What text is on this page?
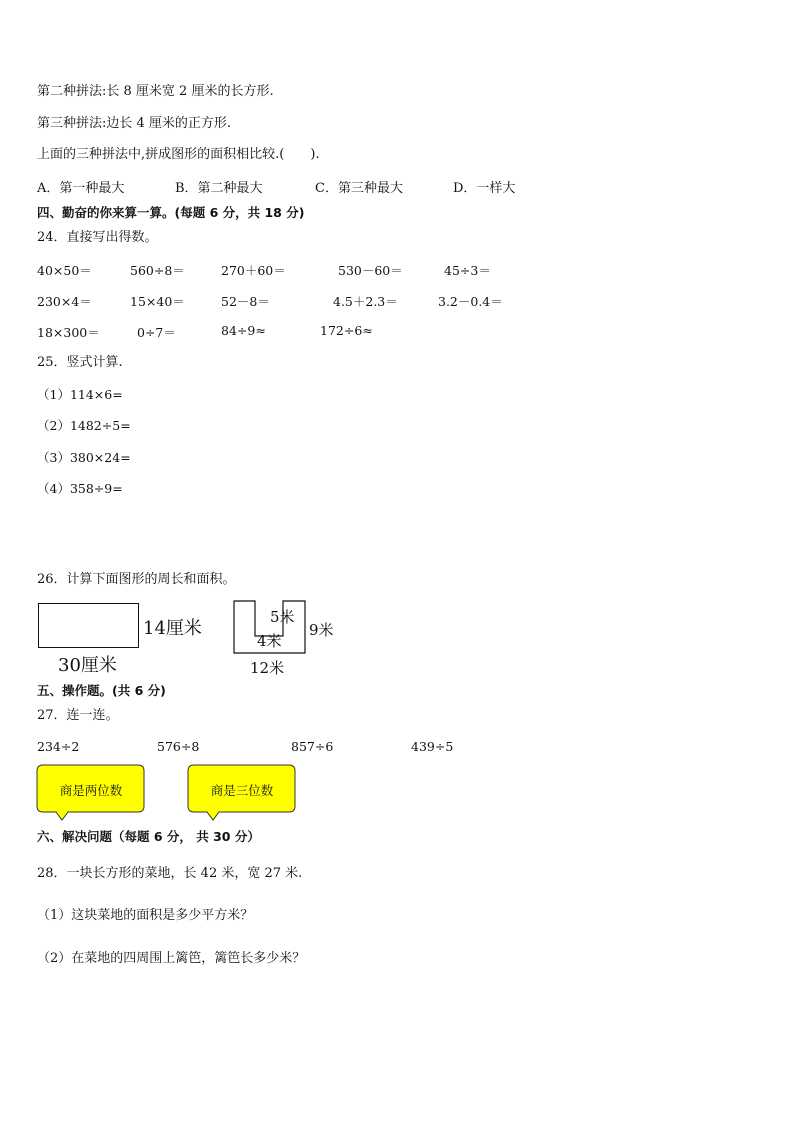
第二种拼法:长 8 厘米宽 2 厘米的长方形.
第三种拼法:边长 4 厘米的正方形.
上面的三种拼法中,拼成图形的面积相比较.(　　).
A．第一种最大	B．第二种最大	C．第三种最大	D．一样大
四、勤奋的你来算一算。(每题 6 分，共 18 分)
24．直接写出得数。
40×50＝	560÷8＝	270＋60＝	530－60＝	45÷3＝
230×4＝	15×40＝	52－8＝	4.5＋2.3＝	3.2－0.4＝
18×300＝	0÷7＝	84÷9≈	172÷6≈
25．竖式计算.
（1）114×6=
（2）1482÷5=
（3）380×24=
（4）358÷9=
26．计算下面图形的周长和面积。
14厘米
30厘米
5米
4米
9米
12米
五、操作题。(共 6 分)
27．连一连。
234÷2	576÷8	857÷6	439÷5
商是两位数	商是三位数
六、解决问题（每题 6 分， 共 30 分）
28．一块长方形的菜地，长 42 米，宽 27 米.
（1）这块菜地的面积是多少平方米？
（2）在菜地的四周围上篱笆，篱笆长多少米？
